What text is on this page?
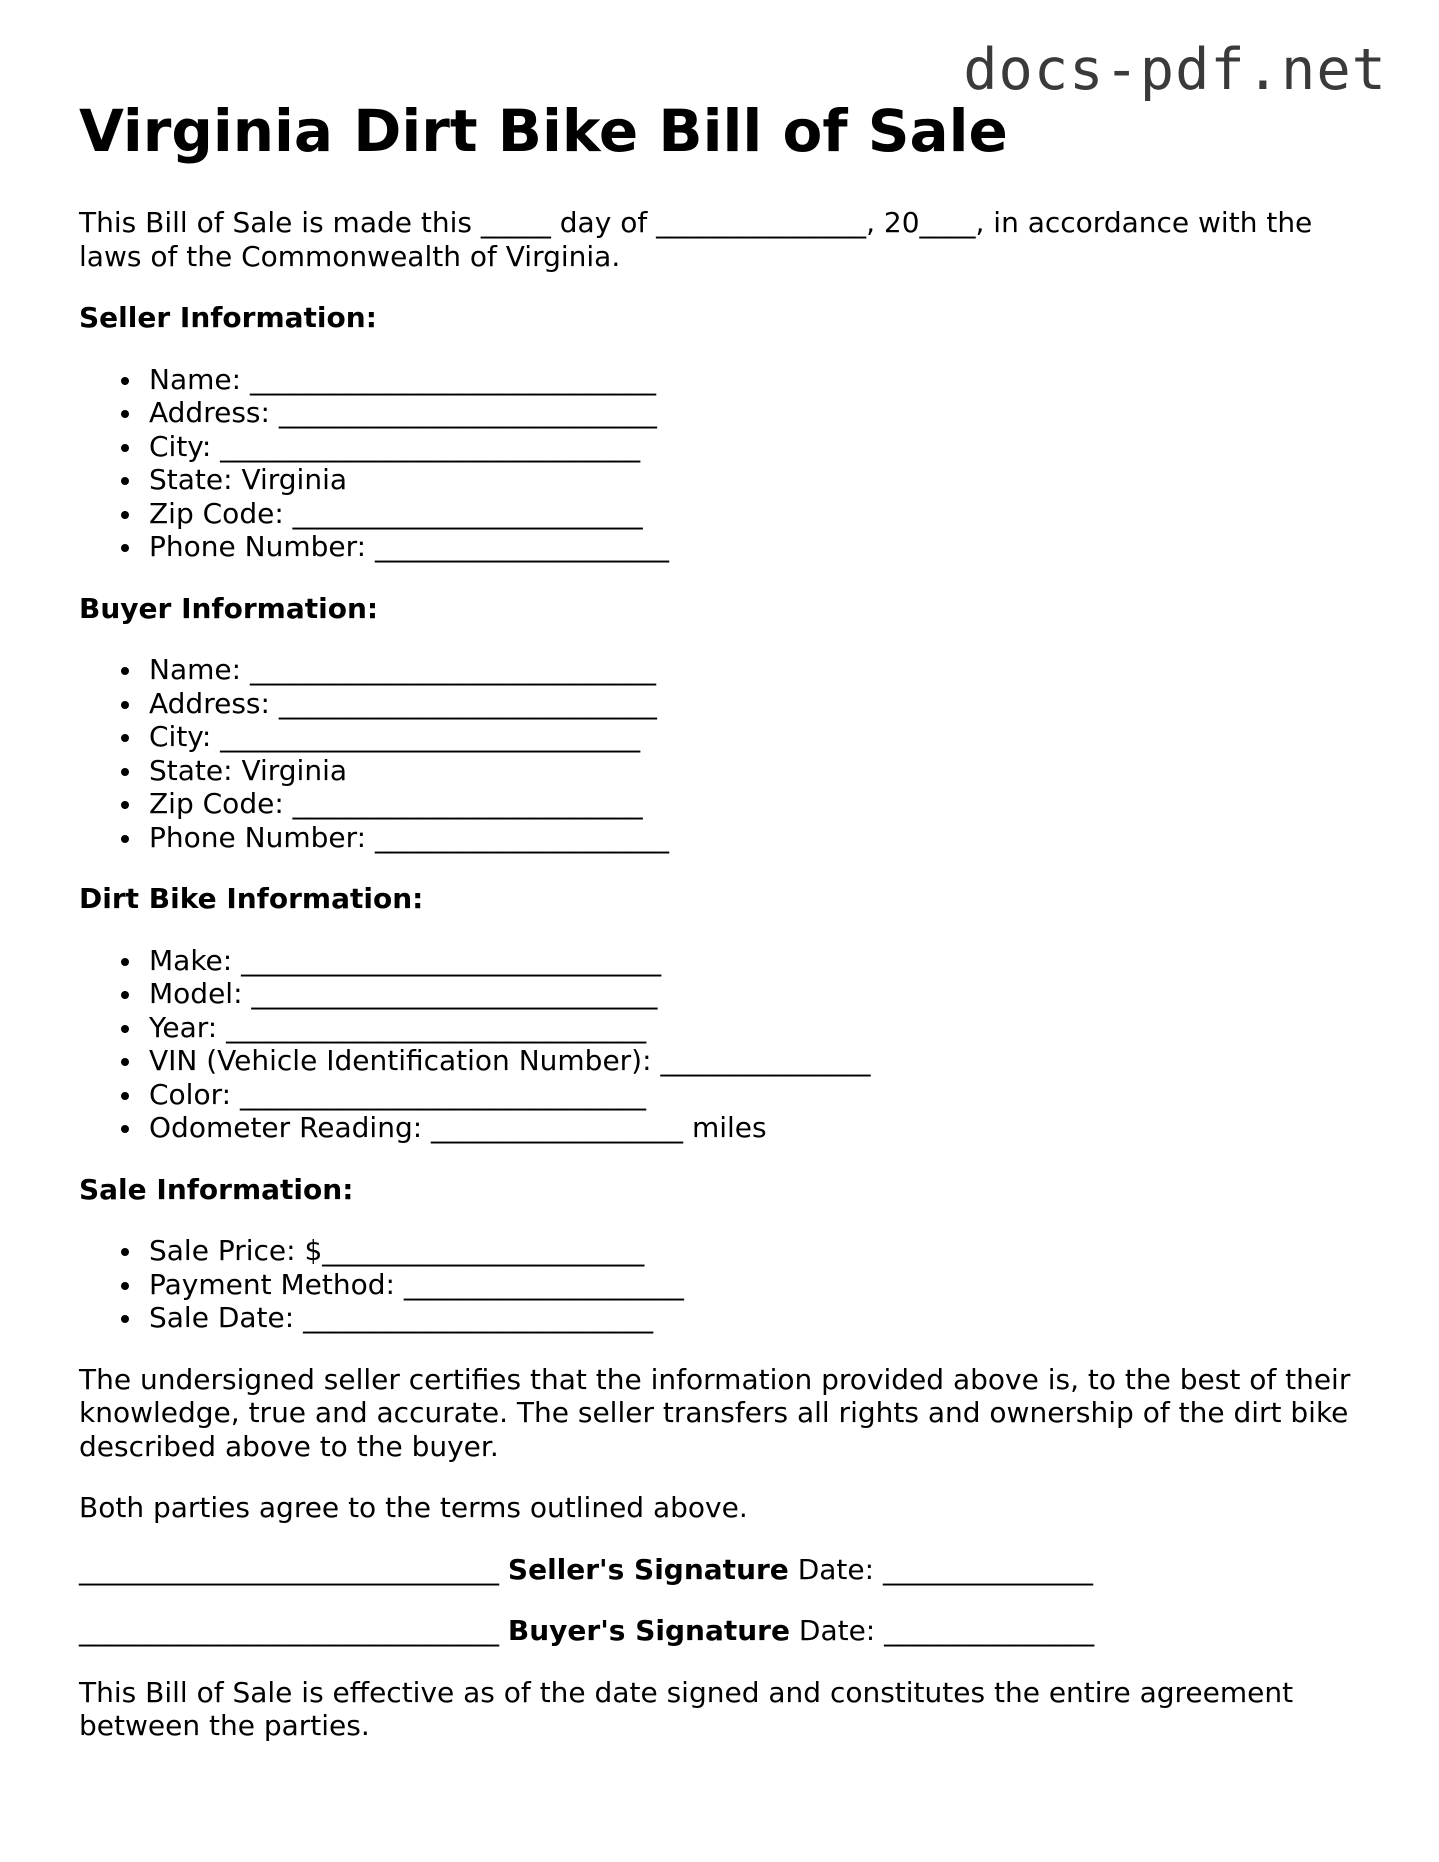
docs-pdf.net
Virginia Dirt Bike Bill of Sale

This Bill of Sale is made this _____ day of _______________, 20____, in accordance with the laws of the Commonwealth of Virginia.

Seller Information:
Name: _____________________________
Address: ___________________________
City: ______________________________
State: Virginia
Zip Code: _________________________
Phone Number: _____________________
Buyer Information:
Name: _____________________________
Address: ___________________________
City: ______________________________
State: Virginia
Zip Code: _________________________
Phone Number: _____________________
Dirt Bike Information:
Make: ______________________________
Model: _____________________________
Year: ______________________________
VIN (Vehicle Identification Number): _______________
Color: _____________________________
Odometer Reading: __________________ miles
Sale Information:
Sale Price: $_______________________
Payment Method: ____________________
Sale Date: _________________________

The undersigned seller certifies that the information provided above is, to the best of their knowledge, true and accurate. The seller transfers all rights and ownership of the dirt bike described above to the buyer.

Both parties agree to the terms outlined above.

______________________________ Seller's Signature Date: _______________

______________________________ Buyer's Signature Date: _______________

This Bill of Sale is effective as of the date signed and constitutes the entire agreement between the parties.
